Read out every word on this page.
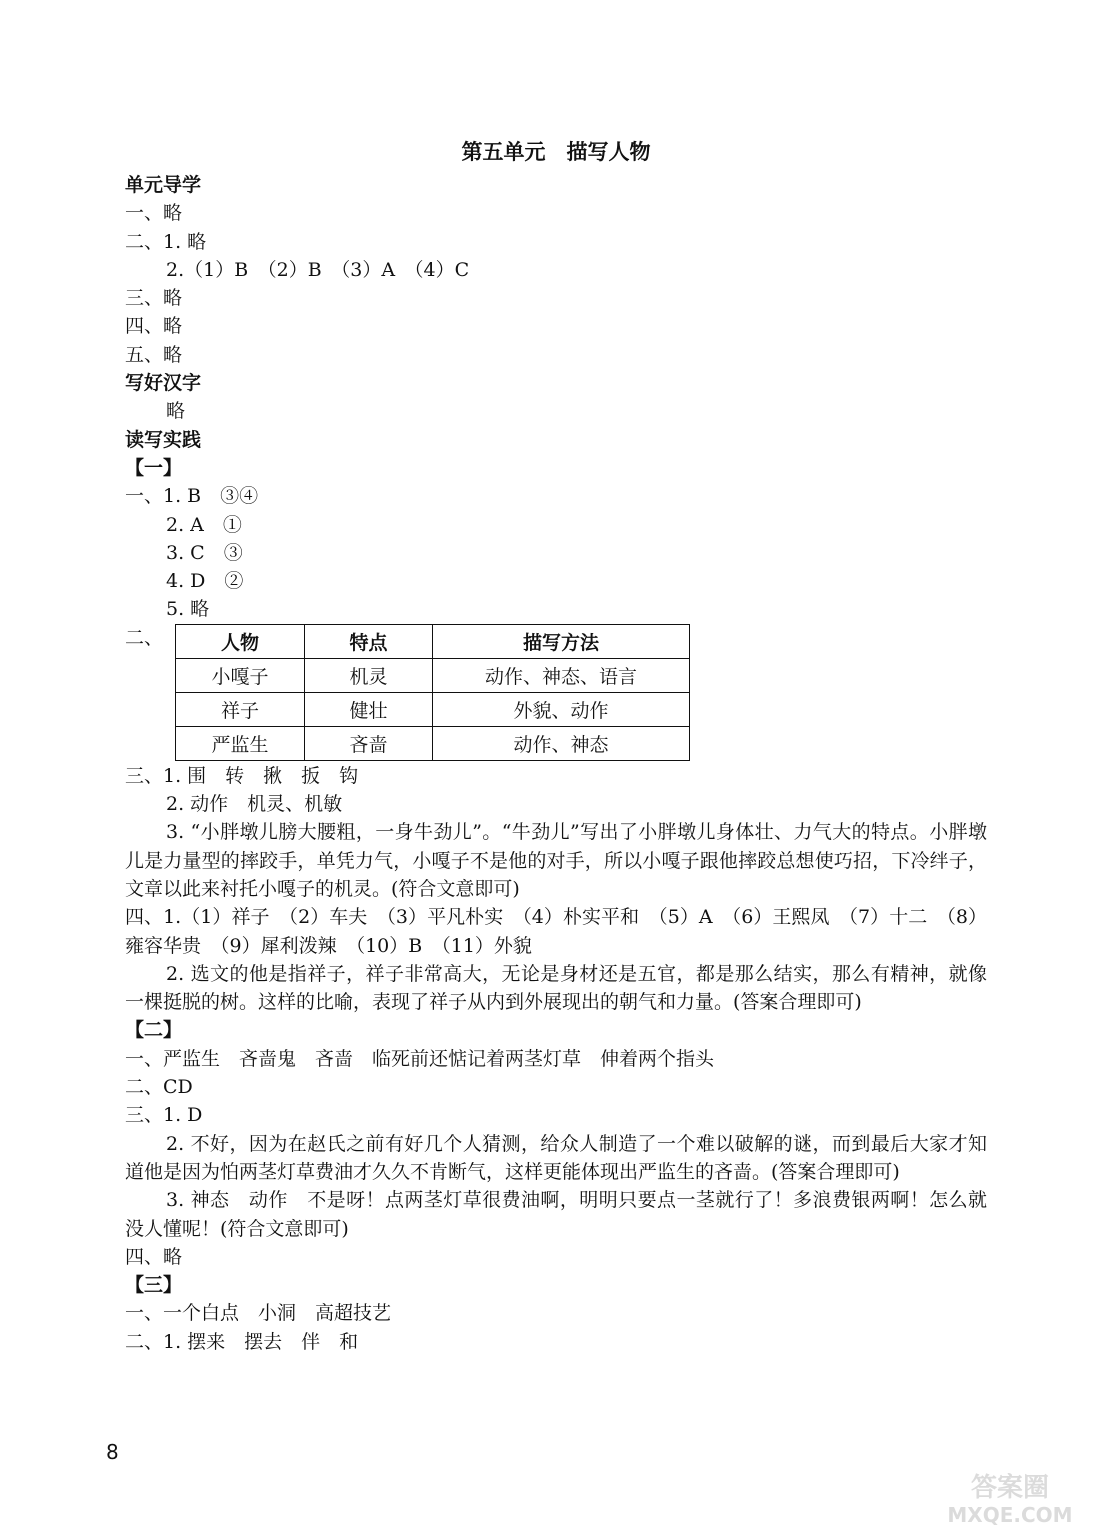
第五单元　描写人物
单元导学
一、略
二、1. 略
2.（1）B　（2）B　（3）A　（4）C
三、略
四、略
五、略
写好汉字
略
读写实践
【一】
一、1. B　③④
2. A　①
3. C　③
4. D　②
5. 略
二、	人物	特点	描写方法
小嘎子	机灵	动作、神态、语言
祥子	健壮	外貌、动作
严监生	吝啬	动作、神态
三、1. 围　转　揪　扳　钩
2. 动作　机灵、机敏
3. “小胖墩儿膀大腰粗，一身牛劲儿”。“牛劲儿”写出了小胖墩儿身体壮、力气大的特点。小胖墩儿是力量型的摔跤手，单凭力气，小嘎子不是他的对手，所以小嘎子跟他摔跤总想使巧招，下冷绊子，文章以此来衬托小嘎子的机灵。(符合文意即可)
四、1.（1）祥子　（2）车夫　（3）平凡朴实　（4）朴实平和　（5）A　（6）王熙凤　（7）十二　（8）雍容华贵　（9）犀利泼辣　（10）B　（11）外貌
2. 选文的他是指祥子，祥子非常高大，无论是身材还是五官，都是那么结实，那么有精神，就像一棵挺脱的树。这样的比喻，表现了祥子从内到外展现出的朝气和力量。(答案合理即可)
【二】
一、严监生　吝啬鬼　吝啬　临死前还惦记着两茎灯草　伸着两个指头
二、CD
三、1. D
2. 不好，因为在赵氏之前有好几个人猜测，给众人制造了一个难以破解的谜，而到最后大家才知道他是因为怕两茎灯草费油才久久不肯断气，这样更能体现出严监生的吝啬。(答案合理即可)
3. 神态　动作　不是呀！点两茎灯草很费油啊，明明只要点一茎就行了！多浪费银两啊！怎么就没人懂呢！(符合文意即可)
四、略
【三】
一、一个白点　小洞　高超技艺
二、1. 摆来　摆去　伴　和
8
答案圈
MXQE.COM
